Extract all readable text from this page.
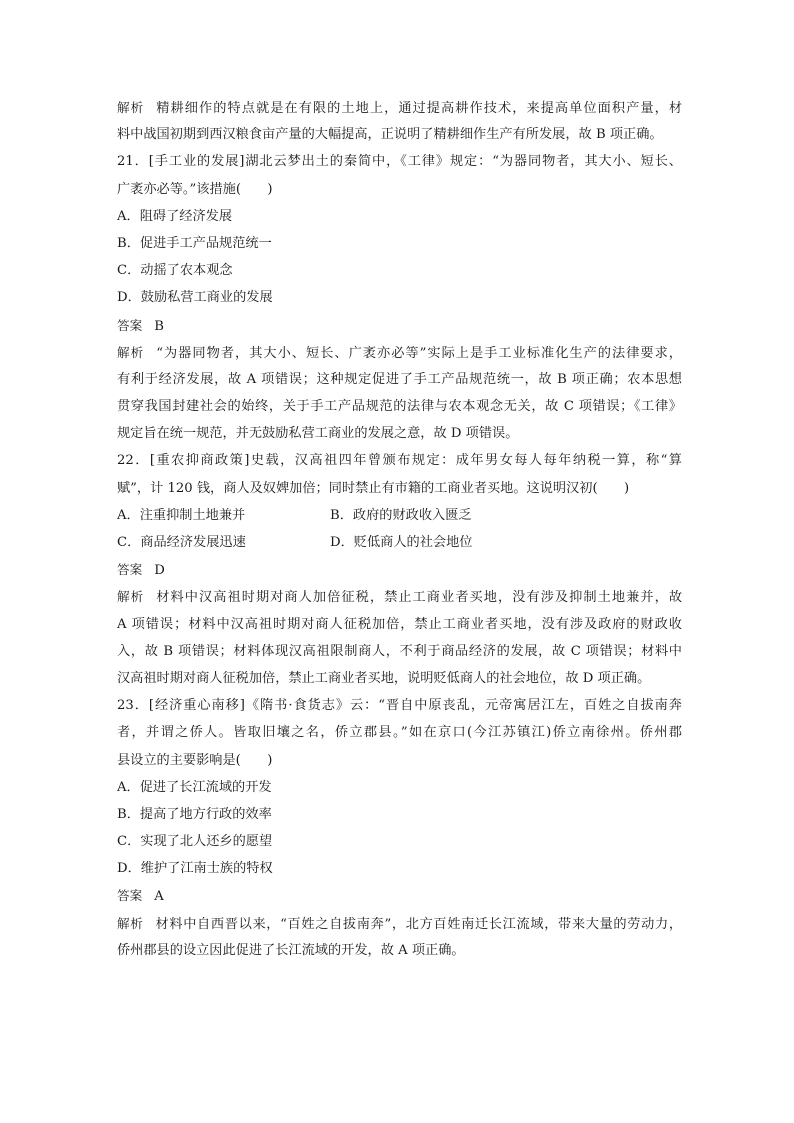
解析 精耕细作的特点就是在有限的土地上，通过提高耕作技术，来提高单位面积产量，材
料中战国初期到西汉粮食亩产量的大幅提高，正说明了精耕细作生产有所发展，故 B 项正确。
21．[手工业的发展]湖北云梦出土的秦简中，《工律》规定：“为器同物者，其大小、短长、
广袤亦必等。”该措施(　　)
A．阻碍了经济发展
B．促进手工产品规范统一
C．动摇了农本观念
D．鼓励私营工商业的发展
答案 B
解析 “为器同物者，其大小、短长、广袤亦必等”实际上是手工业标准化生产的法律要求，
有利于经济发展，故 A 项错误；这种规定促进了手工产品规范统一，故 B 项正确；农本思想
贯穿我国封建社会的始终，关于手工产品规范的法律与农本观念无关，故 C 项错误；《工律》
规定旨在统一规范，并无鼓励私营工商业的发展之意，故 D 项错误。
22．[重农抑商政策]史载，汉高祖四年曾颁布规定：成年男女每人每年纳税一算，称“算
赋”，计 120 钱，商人及奴婢加倍；同时禁止有市籍的工商业者买地。这说明汉初(　　)
A．注重抑制土地兼并	B．政府的财政收入匮乏
C．商品经济发展迅速	D．贬低商人的社会地位
答案 D
解析 材料中汉高祖时期对商人加倍征税，禁止工商业者买地，没有涉及抑制土地兼并，故
A 项错误；材料中汉高祖时期对商人征税加倍，禁止工商业者买地，没有涉及政府的财政收
入，故 B 项错误；材料体现汉高祖限制商人，不利于商品经济的发展，故 C 项错误；材料中
汉高祖时期对商人征税加倍，禁止工商业者买地，说明贬低商人的社会地位，故 D 项正确。
23．[经济重心南移]《隋书·食货志》云：“晋自中原丧乱，元帝寓居江左，百姓之自拔南奔
者，并谓之侨人。皆取旧壤之名，侨立郡县。”如在京口(今江苏镇江)侨立南徐州。侨州郡
县设立的主要影响是(　　)
A．促进了长江流域的开发
B．提高了地方行政的效率
C．实现了北人还乡的愿望
D．维护了江南士族的特权
答案 A
解析 材料中自西晋以来，“百姓之自拔南奔”，北方百姓南迁长江流域，带来大量的劳动力，
侨州郡县的设立因此促进了长江流域的开发，故 A 项正确。
